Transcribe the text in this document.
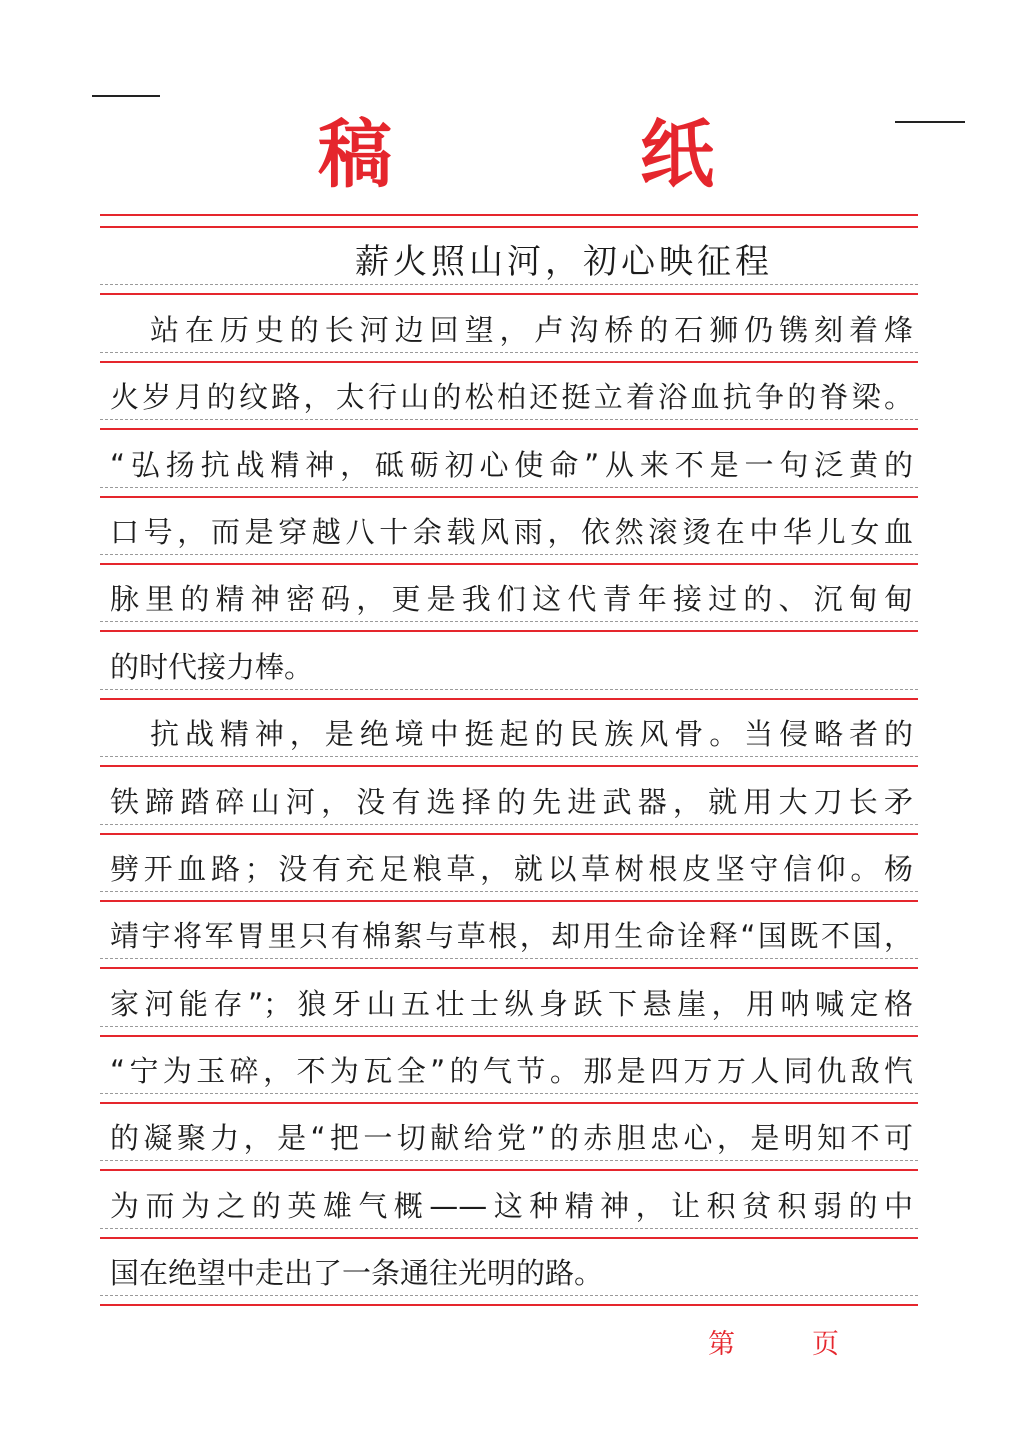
稿	纸
薪火照山河，初心映征程
站在历史的长河边回望，卢沟桥的石狮仍镌刻着烽
火岁月的纹路，太行山的松柏还挺立着浴血抗争的脊梁。
“弘扬抗战精神，砥砺初心使命”从来不是一句泛黄的
口号，而是穿越八十余载风雨，依然滚烫在中华儿女血
脉里的精神密码，更是我们这代青年接过的、沉甸甸
的时代接力棒。
抗战精神，是绝境中挺起的民族风骨。当侵略者的
铁蹄踏碎山河，没有选择的先进武器，就用大刀长矛
劈开血路；没有充足粮草，就以草树根皮坚守信仰。杨
靖宇将军胃里只有棉絮与草根，却用生命诠释“国既不国，
家河能存”；狼牙山五壮士纵身跃下悬崖，用呐喊定格
“宁为玉碎，不为瓦全”的气节。那是四万万人同仇敌忾
的凝聚力，是“把一切献给党”的赤胆忠心，是明知不可
为而为之的英雄气概——这种精神，让积贫积弱的中
国在绝望中走出了一条通往光明的路。
第	页
